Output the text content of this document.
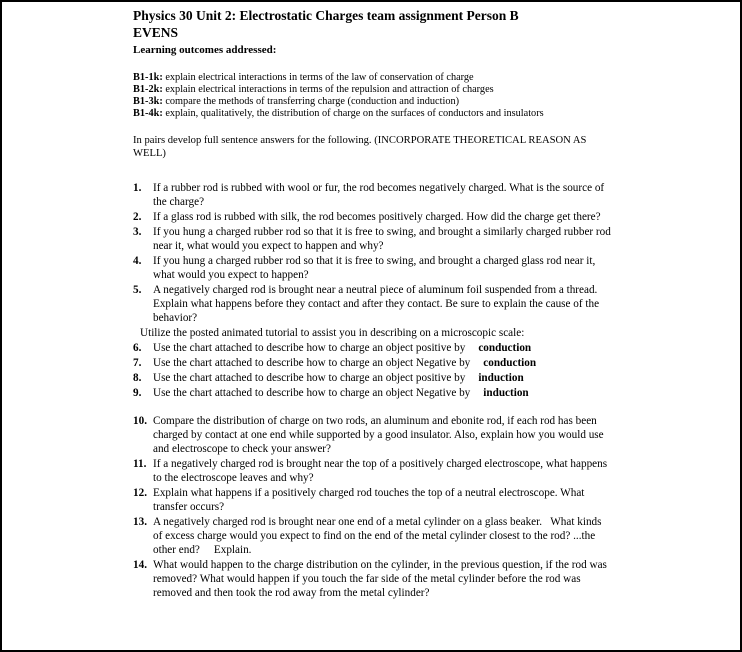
Physics 30 Unit 2: Electrostatic Charges team assignment Person B
EVENS
Learning outcomes addressed:
B1-1k: explain electrical interactions in terms of the law of conservation of charge
B1-2k: explain electrical interactions in terms of the repulsion and attraction of charges
B1-3k: compare the methods of transferring charge (conduction and induction)
B1-4k: explain, qualitatively, the distribution of charge on the surfaces of conductors and insulators
In pairs develop full sentence answers for the following. (INCORPORATE THEORETICAL REASON AS WELL)
1.	If a rubber rod is rubbed with wool or fur, the rod becomes negatively charged. What is the source of the charge?
2.	If a glass rod is rubbed with silk, the rod becomes positively charged. How did the charge get there?
3.	If you hung a charged rubber rod so that it is free to swing, and brought a similarly charged rubber rod near it, what would you expect to happen and why?
4.	If you hung a charged rubber rod so that it is free to swing, and brought a charged glass rod near it, what would you expect to happen?
5.	A negatively charged rod is brought near a neutral piece of aluminum foil suspended from a thread. Explain what happens before they contact and after they contact. Be sure to explain the cause of the behavior?
Utilize the posted animated tutorial to assist you in describing on a microscopic scale:
6.	Use the chart attached to describe how to charge an object positive by conduction
7.	Use the chart attached to describe how to charge an object Negative by conduction
8.	Use the chart attached to describe how to charge an object positive by induction
9.	Use the chart attached to describe how to charge an object Negative by induction
10. Compare the distribution of charge on two rods, an aluminum and ebonite rod, if each rod has been charged by contact at one end while supported by a good insulator. Also, explain how you would use and electroscope to check your answer?
11. If a negatively charged rod is brought near the top of a positively charged electroscope, what happens to the electroscope leaves and why?
12. Explain what happens if a positively charged rod touches the top of a neutral electroscope. What transfer occurs?
13. A negatively charged rod is brought near one end of a metal cylinder on a glass beaker.   What kinds of excess charge would you expect to find on the end of the metal cylinder closest to the rod? ...the other end?     Explain.
14. What would happen to the charge distribution on the cylinder, in the previous question, if the rod was removed? What would happen if you touch the far side of the metal cylinder before the rod was removed and then took the rod away from the metal cylinder?
